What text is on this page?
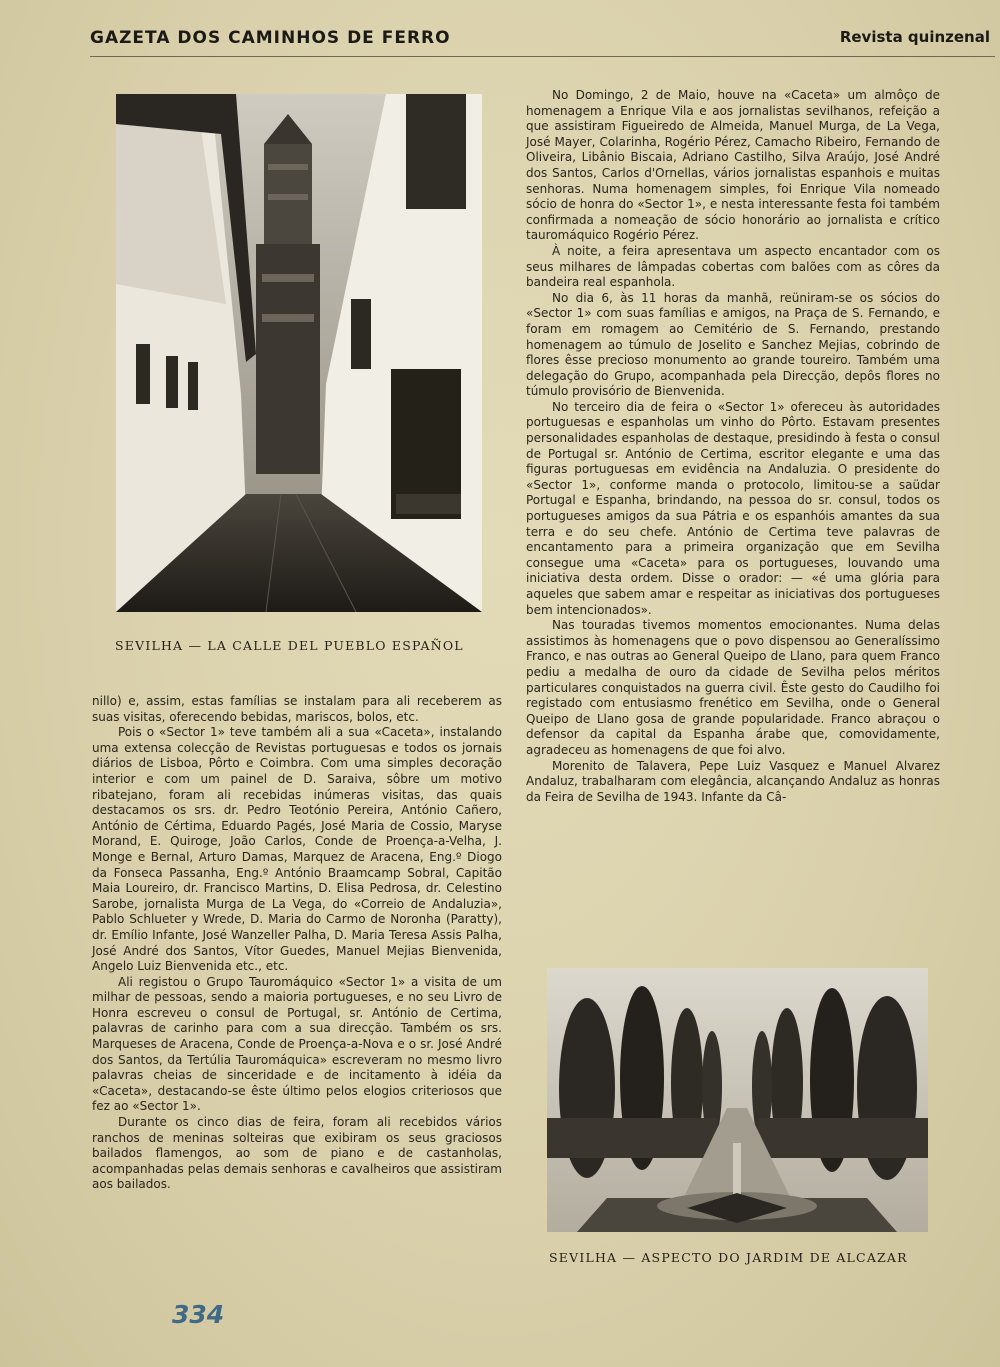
GAZETA DOS CAMINHOS DE FERRO	Revista quinzenal
SEVILHA — LA CALLE DEL PUEBLO ESPAÑOL

nillo) e, assim, estas famílias se instalam para ali receberem as suas visitas, oferecendo bebidas, mariscos, bolos, etc.

Pois o «Sector 1» teve também ali a sua «Caceta», instalando uma extensa colecção de Revistas portuguesas e todos os jornais diários de Lisboa, Pôrto e Coimbra. Com uma simples decoração interior e com um painel de D. Saraiva, sôbre um motivo ribatejano, foram ali recebidas inúmeras visitas, das quais destacamos os srs. dr. Pedro Teotónio Pereira, António Cañero, António de Cértima, Eduardo Pagés, José Maria de Cossio, Maryse Morand, E. Quiroge, João Carlos, Conde de Proença-a-Velha, J. Monge e Bernal, Arturo Damas, Marquez de Aracena, Eng.º Diogo da Fonseca Passanha, Eng.º António Braamcamp Sobral, Capitão Maia Loureiro, dr. Francisco Martins, D. Elisa Pedrosa, dr. Celestino Sarobe, jornalista Murga de La Vega, do «Correio de Andaluzia», Pablo Schlueter y Wrede, D. Maria do Carmo de Noronha (Paratty), dr. Emílio Infante, José Wanzeller Palha, D. Maria Teresa Assis Palha, José André dos Santos, Vítor Guedes, Manuel Mejias Bienvenida, Angelo Luiz Bienvenida etc., etc.

Ali registou o Grupo Tauromáquico «Sector 1» a visita de um milhar de pessoas, sendo a maioria portugueses, e no seu Livro de Honra escreveu o consul de Portugal, sr. António de Certima, palavras de carinho para com a sua direcção. Também os srs. Marqueses de Aracena, Conde de Proença-a-Nova e o sr. José André dos Santos, da Tertúlia Tauromáquica» escreveram no mesmo livro palavras cheias de sinceridade e de incitamento à idéia da «Caceta», destacando-se êste último pelos elogios criteriosos que fez ao «Sector 1».

Durante os cinco dias de feira, foram ali recebidos vários ranchos de meninas solteiras que exibiram os seus graciosos bailados flamengos, ao som de piano e de castanholas, acompanhadas pelas demais senhoras e cavalheiros que assistiram aos bailados.

No Domingo, 2 de Maio, houve na «Caceta» um almôço de homenagem a Enrique Vila e aos jornalistas sevilhanos, refeição a que assistiram Figueiredo de Almeida, Manuel Murga, de La Vega, José Mayer, Colarinha, Rogério Pérez, Camacho Ribeiro, Fernando de Oliveira, Libânio Biscaia, Adriano Castilho, Silva Araújo, José André dos Santos, Carlos d'Ornellas, vários jornalistas espanhois e muitas senhoras. Numa homenagem simples, foi Enrique Vila nomeado sócio de honra do «Sector 1», e nesta interessante festa foi também confirmada a nomeação de sócio honorário ao jornalista e crítico tauromáquico Rogério Pérez.

À noite, a feira apresentava um aspecto encantador com os seus milhares de lâmpadas cobertas com balões com as côres da bandeira real espanhola.

No dia 6, às 11 horas da manhã, reüniram-se os sócios do «Sector 1» com suas famílias e amigos, na Praça de S. Fernando, e foram em romagem ao Cemitério de S. Fernando, prestando homenagem ao túmulo de Joselito e Sanchez Mejias, cobrindo de flores êsse precioso monumento ao grande toureiro. Também uma delegação do Grupo, acompanhada pela Direcção, depôs flores no túmulo provisório de Bienvenida.

No terceiro dia de feira o «Sector 1» ofereceu às autoridades portuguesas e espanholas um vinho do Pôrto. Estavam presentes personalidades espanholas de destaque, presidindo à festa o consul de Portugal sr. António de Certima, escritor elegante e uma das figuras portuguesas em evidência na Andaluzia. O presidente do «Sector 1», conforme manda o protocolo, limitou-se a saüdar Portugal e Espanha, brindando, na pessoa do sr. consul, todos os portugueses amigos da sua Pátria e os espanhóis amantes da sua terra e do seu chefe. António de Certima teve palavras de encantamento para a primeira organização que em Sevilha consegue uma «Caceta» para os portugueses, louvando uma iniciativa desta ordem. Disse o orador: — «é uma glória para aqueles que sabem amar e respeitar as iniciativas dos portugueses bem intencionados».

Nas touradas tivemos momentos emocionantes. Numa delas assistimos às homenagens que o povo dispensou ao Generalíssimo Franco, e nas outras ao General Queipo de Llano, para quem Franco pediu a medalha de ouro da cidade de Sevilha pelos méritos particulares conquistados na guerra civil. Êste gesto do Caudilho foi registado com entusiasmo frenético em Sevilha, onde o General Queipo de Llano gosa de grande popularidade. Franco abraçou o defensor da capital da Espanha árabe que, comovidamente, agradeceu as homenagens de que foi alvo.

Morenito de Talavera, Pepe Luiz Vasquez e Manuel Alvarez Andaluz, trabalharam com elegância, alcançando Andaluz as honras da Feira de Sevilha de 1943. Infante da Câ-

SEVILHA — ASPECTO DO JARDIM DE ALCAZAR
334
